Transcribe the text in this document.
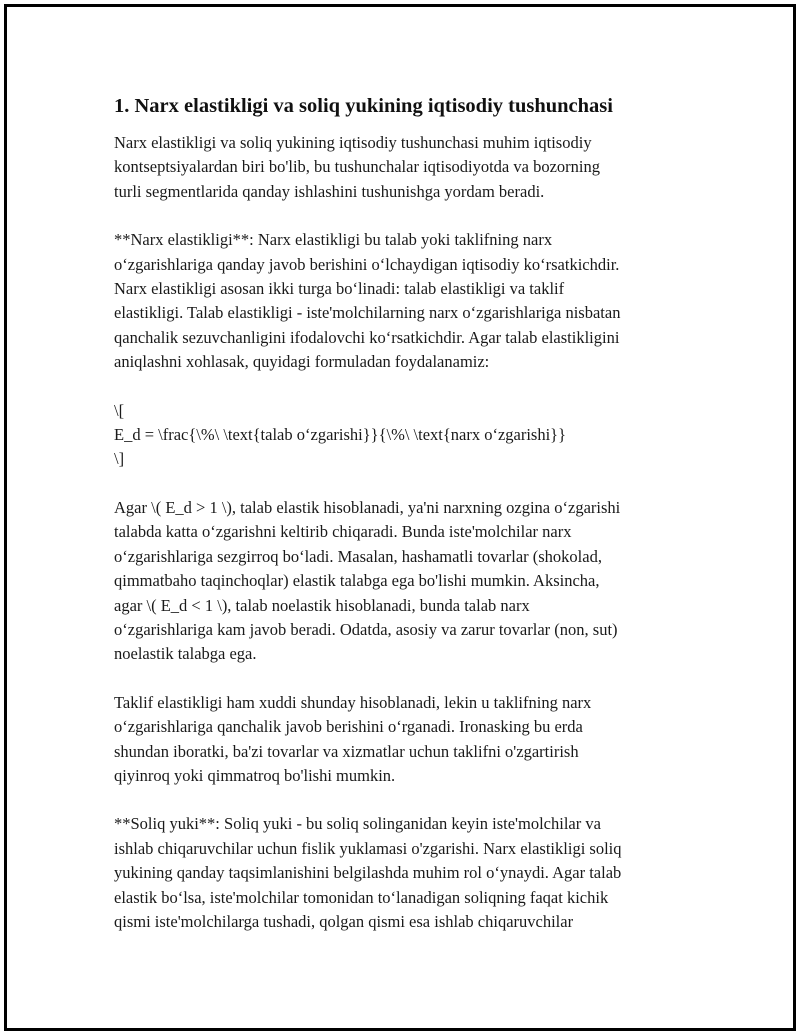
1. Narx elastikligi va soliq yukining iqtisodiy tushunchasi

Narx elastikligi va soliq yukining iqtisodiy tushunchasi muhim iqtisodiy
kontseptsiyalardan biri bo'lib, bu tushunchalar iqtisodiyotda va bozorning
turli segmentlarida qanday ishlashini tushunishga yordam beradi.

**Narx elastikligi**: Narx elastikligi bu talab yoki taklifning narx
o‘zgarishlariga qanday javob berishini o‘lchaydigan iqtisodiy ko‘rsatkichdir.
Narx elastikligi asosan ikki turga bo‘linadi: talab elastikligi va taklif
elastikligi. Talab elastikligi - iste'molchilarning narx o‘zgarishlariga nisbatan
qanchalik sezuvchanligini ifodalovchi ko‘rsatkichdir. Agar talab elastikligini
aniqlashni xohlasak, quyidagi formuladan foydalanamiz:

\[
E_d = \frac{\%\ \text{talab o‘zgarishi}}{\%\ \text{narx o‘zgarishi}}
\]

Agar \( E_d > 1 \), talab elastik hisoblanadi, ya'ni narxning ozgina o‘zgarishi
talabda katta o‘zgarishni keltirib chiqaradi. Bunda iste'molchilar narx
o‘zgarishlariga sezgirroq bo‘ladi. Masalan, hashamatli tovarlar (shokolad,
qimmatbaho taqinchoqlar) elastik talabga ega bo'lishi mumkin. Aksincha,
agar \( E_d < 1 \), talab noelastik hisoblanadi, bunda talab narx
o‘zgarishlariga kam javob beradi. Odatda, asosiy va zarur tovarlar (non, sut)
noelastik talabga ega.

Taklif elastikligi ham xuddi shunday hisoblanadi, lekin u taklifning narx
o‘zgarishlariga qanchalik javob berishini o‘rganadi. Ironasking bu erda
shundan iboratki, ba'zi tovarlar va xizmatlar uchun taklifni o'zgartirish
qiyinroq yoki qimmatroq bo'lishi mumkin.

**Soliq yuki**: Soliq yuki - bu soliq solinganidan keyin iste'molchilar va
ishlab chiqaruvchilar uchun fislik yuklamasi o'zgarishi. Narx elastikligi soliq
yukining qanday taqsimlanishini belgilashda muhim rol o‘ynaydi. Agar talab
elastik bo‘lsa, iste'molchilar tomonidan to‘lanadigan soliqning faqat kichik
qismi iste'molchilarga tushadi, qolgan qismi esa ishlab chiqaruvchilar
